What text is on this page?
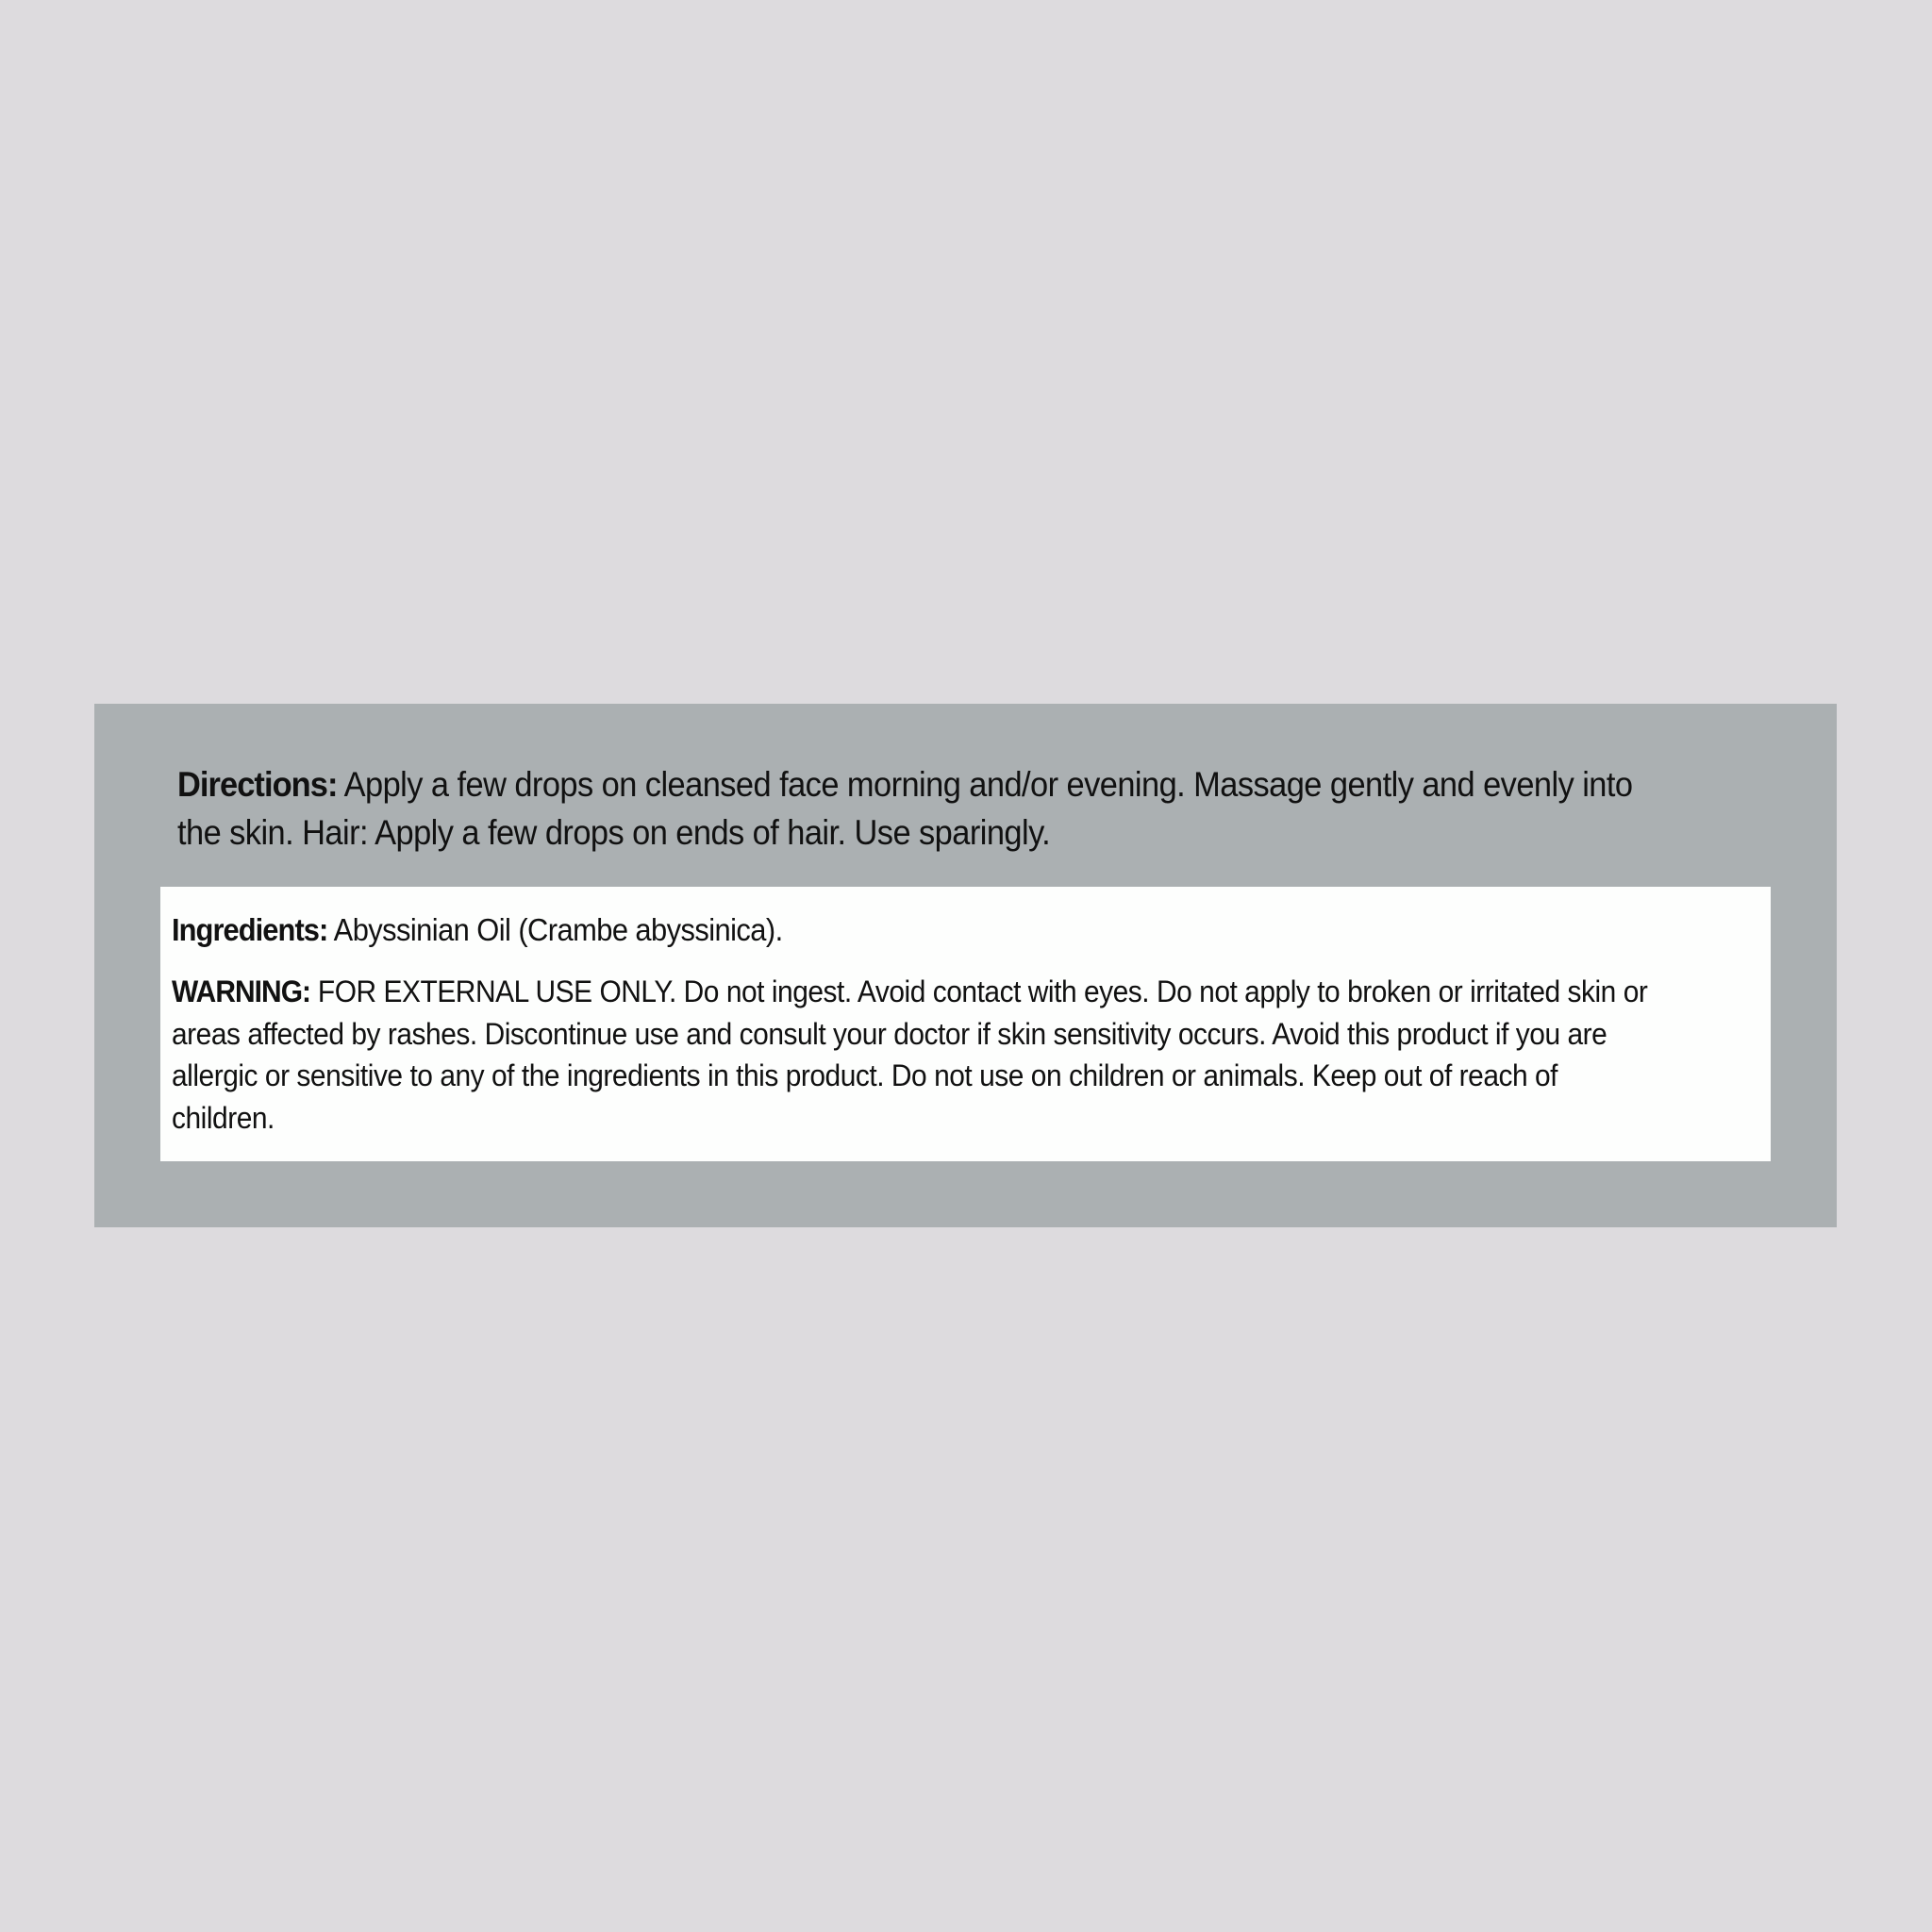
Directions: Apply a few drops on cleansed face morning and/or evening. Massage gently and evenly into
the skin. Hair: Apply a few drops on ends of hair. Use sparingly.

Ingredients: Abyssinian Oil (Crambe abyssinica).

WARNING: FOR EXTERNAL USE ONLY. Do not ingest. Avoid contact with eyes. Do not apply to broken or irritated skin or
areas affected by rashes. Discontinue use and consult your doctor if skin sensitivity occurs. Avoid this product if you are
allergic or sensitive to any of the ingredients in this product. Do not use on children or animals. Keep out of reach of
children.
